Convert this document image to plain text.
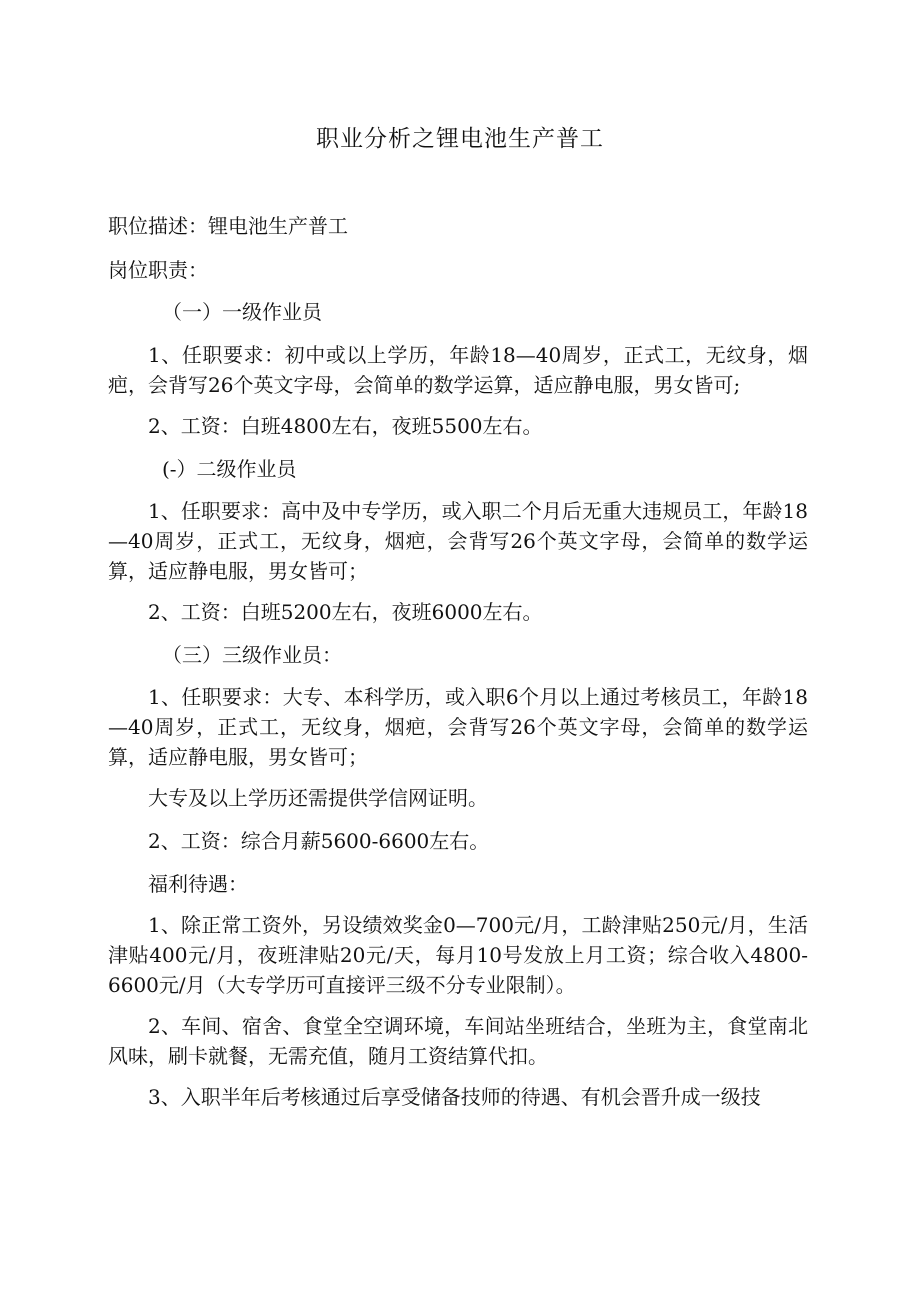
职业分析之锂电池生产普工

职位描述：锂电池生产普工

岗位职责：

（一）一级作业员

1、任职要求：初中或以上学历，年龄18—40周岁，正式工，无纹身，烟疤，会背写26个英文字母，会简单的数学运算，适应静电服，男女皆可;

2、工资：白班4800左右，夜班5500左右。

(-）二级作业员

1、任职要求：高中及中专学历，或入职二个月后无重大违规员工，年龄18—40周岁，正式工，无纹身，烟疤，会背写26个英文字母，会简单的数学运算，适应静电服，男女皆可；

2、工资：白班5200左右，夜班6000左右。

（三）三级作业员：

1、任职要求：大专、本科学历，或入职6个月以上通过考核员工，年龄18—40周岁，正式工，无纹身，烟疤，会背写26个英文字母，会简单的数学运算，适应静电服，男女皆可；

大专及以上学历还需提供学信网证明。

2、工资：综合月薪5600-6600左右。

福利待遇：

1、除正常工资外，另设绩效奖金0—700元/月，工龄津贴250元/月，生活津贴400元/月，夜班津贴20元/天，每月10号发放上月工资；综合收入4800-6600元/月（大专学历可直接评三级不分专业限制）。

2、车间、宿舍、食堂全空调环境，车间站坐班结合，坐班为主，食堂南北风味，刷卡就餐，无需充值，随月工资结算代扣。

3、入职半年后考核通过后享受储备技师的待遇、有机会晋升成一级技
